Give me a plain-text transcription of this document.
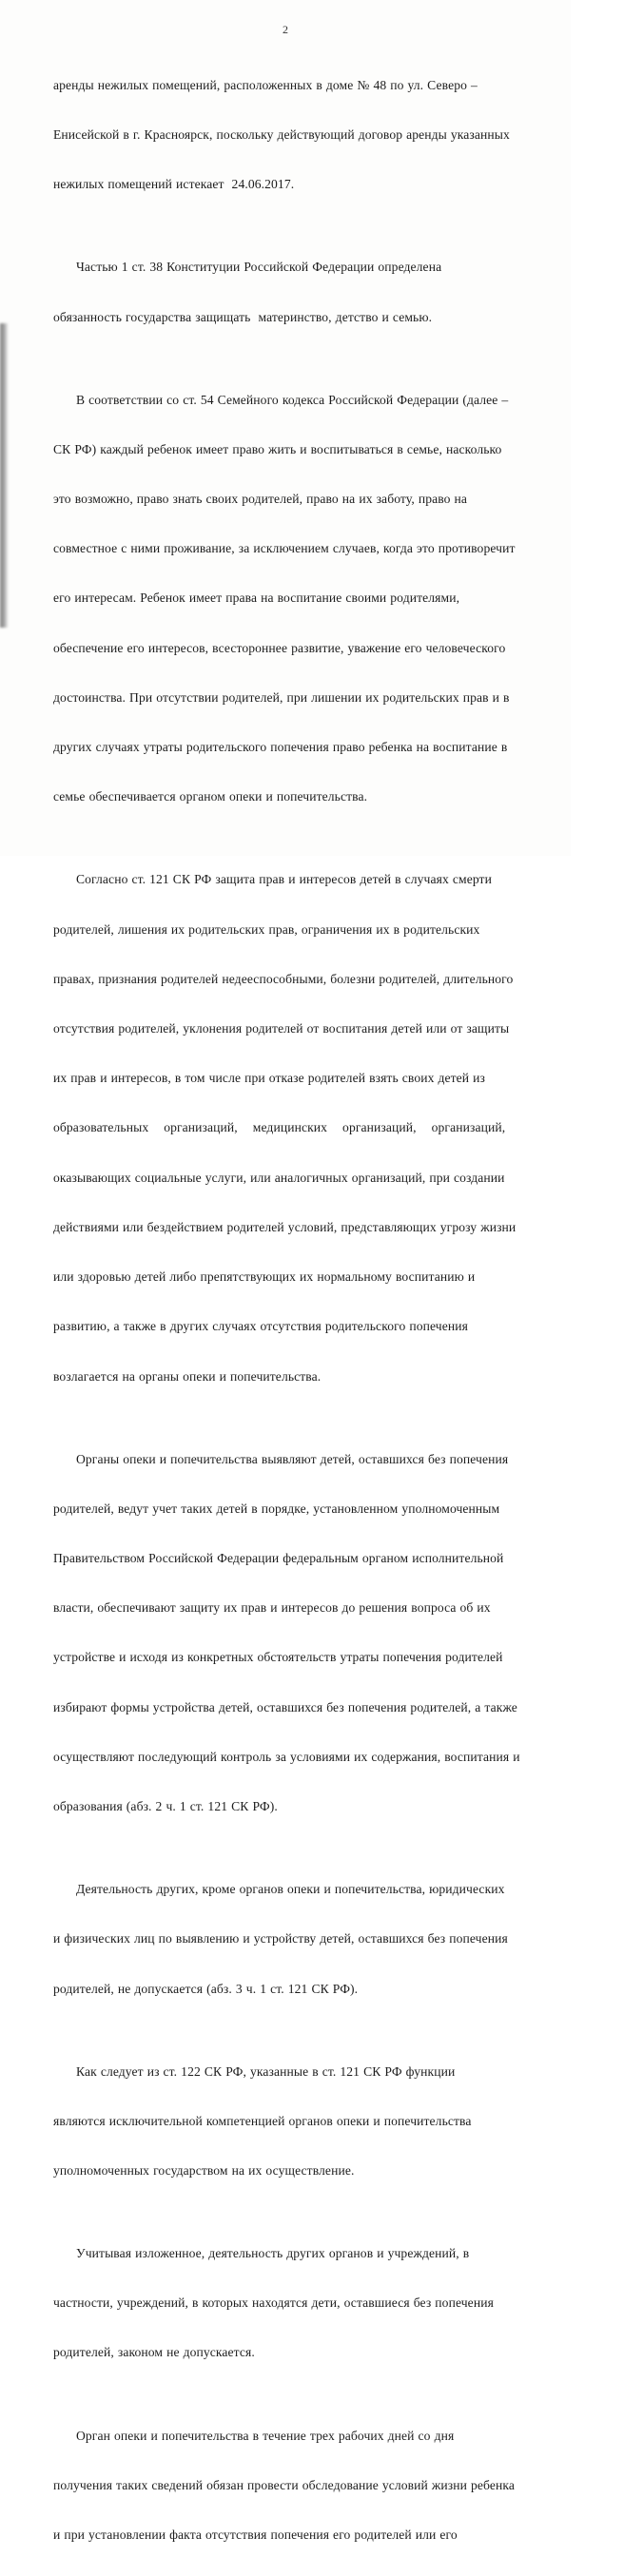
2

аренды нежилых помещений, расположенных в доме № 48 по ул. Северо –

Енисейской в г. Красноярск, поскольку действующий договор аренды указанных

нежилых помещений истекает  24.06.2017.

Частью 1 ст. 38 Конституции Российской Федерации определена

обязанность государства защищать  материнство, детство и семью.

В соответствии со ст. 54 Семейного кодекса Российской Федерации (далее –

СК РФ) каждый ребенок имеет право жить и воспитываться в семье, насколько

это возможно, право знать своих родителей, право на их заботу, право на

совместное с ними проживание, за исключением случаев, когда это противоречит

его интересам. Ребенок имеет права на воспитание своими родителями,

обеспечение его интересов, всестороннее развитие, уважение его человеческого

достоинства. При отсутствии родителей, при лишении их родительских прав и в

других случаях утраты родительского попечения право ребенка на воспитание в

семье обеспечивается органом опеки и попечительства.

Согласно ст. 121 СК РФ защита прав и интересов детей в случаях смерти

родителей, лишения их родительских прав, ограничения их в родительских

правах, признания родителей недееспособными, болезни родителей, длительного

отсутствия родителей, уклонения родителей от воспитания детей или от защиты

их прав и интересов, в том числе при отказе родителей взять своих детей из

образовательных    организаций,    медицинских    организаций,    организаций,

оказывающих социальные услуги, или аналогичных организаций, при создании

действиями или бездействием родителей условий, представляющих угрозу жизни

или здоровью детей либо препятствующих их нормальному воспитанию и

развитию, а также в других случаях отсутствия родительского попечения

возлагается на органы опеки и попечительства.

Органы опеки и попечительства выявляют детей, оставшихся без попечения

родителей, ведут учет таких детей в порядке, установленном уполномоченным

Правительством Российской Федерации федеральным органом исполнительной

власти, обеспечивают защиту их прав и интересов до решения вопроса об их

устройстве и исходя из конкретных обстоятельств утраты попечения родителей

избирают формы устройства детей, оставшихся без попечения родителей, а также

осуществляют последующий контроль за условиями их содержания, воспитания и

образования (абз. 2 ч. 1 ст. 121 СК РФ).

Деятельность других, кроме органов опеки и попечительства, юридических

и физических лиц по выявлению и устройству детей, оставшихся без попечения

родителей, не допускается (абз. 3 ч. 1 ст. 121 СК РФ).

Как следует из ст. 122 СК РФ, указанные в ст. 121 СК РФ функции

являются исключительной компетенцией органов опеки и попечительства

уполномоченных государством на их осуществление.

Учитывая изложенное, деятельность других органов и учреждений, в

частности, учреждений, в которых находятся дети, оставшиеся без попечения

родителей, законом не допускается.

Орган опеки и попечительства в течение трех рабочих дней со дня

получения таких сведений обязан провести обследование условий жизни ребенка

и при установлении факта отсутствия попечения его родителей или его
